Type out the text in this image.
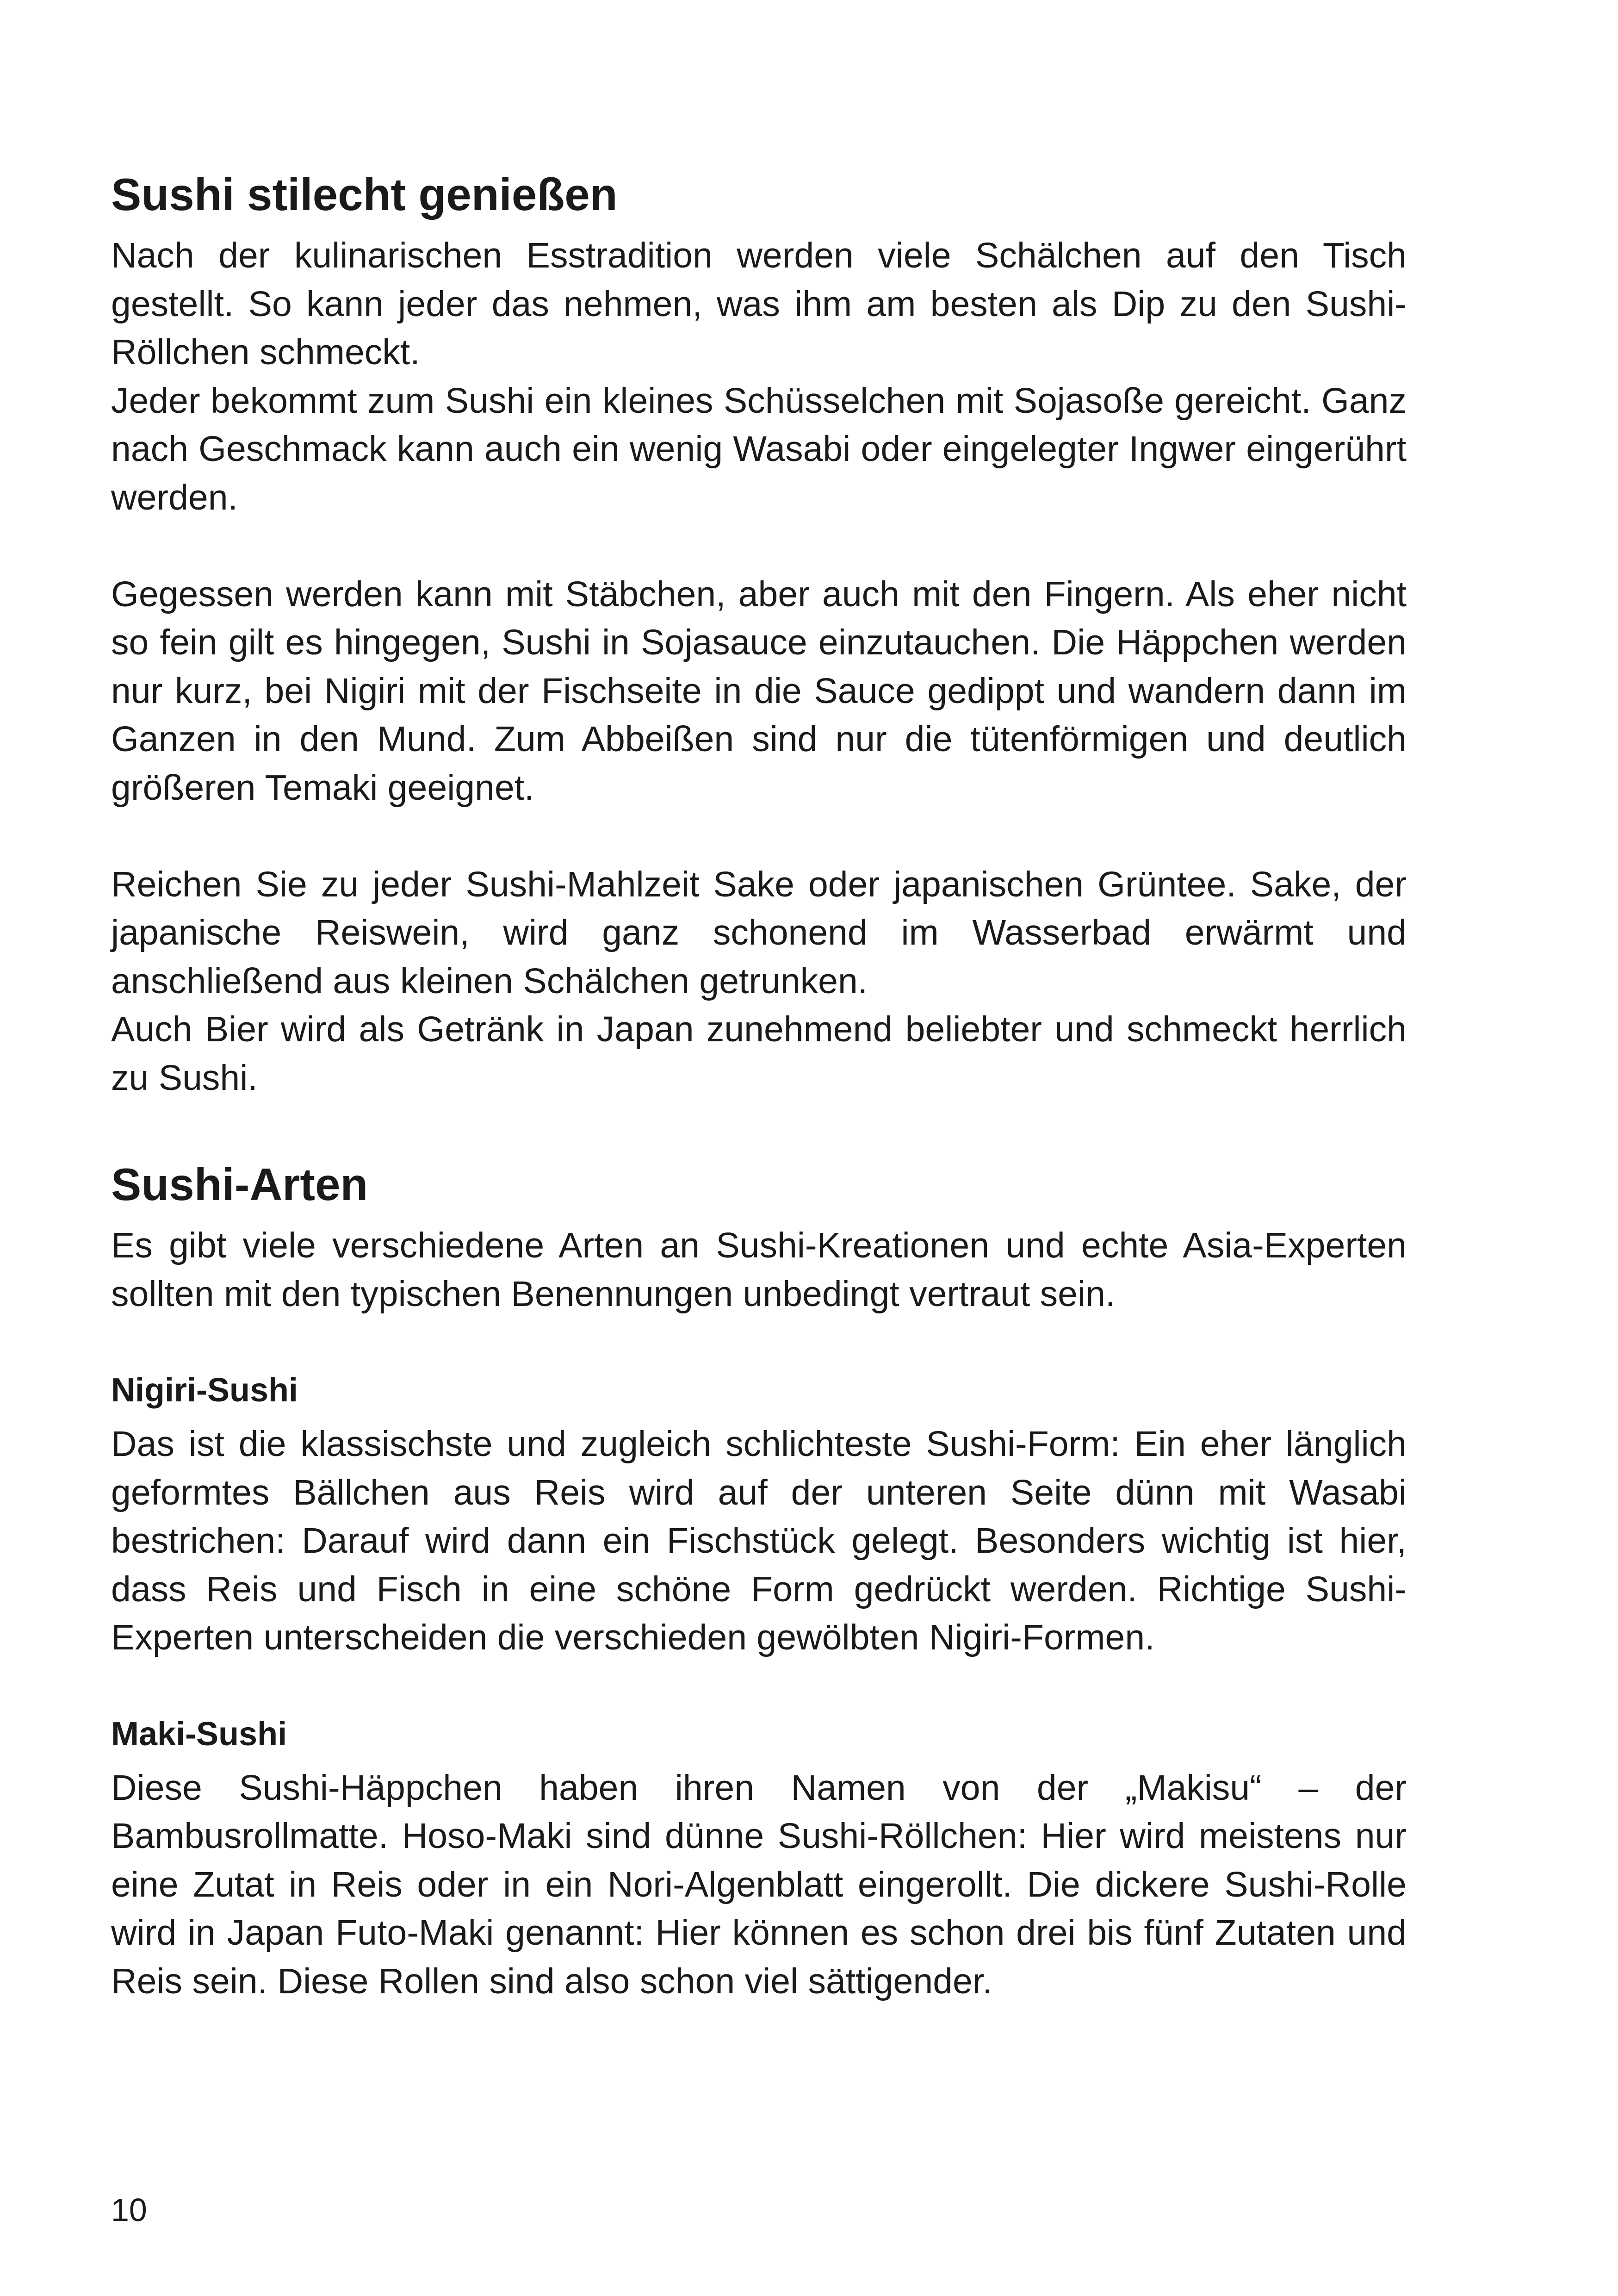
Sushi stilecht genießen

Nach der kulinarischen Esstradition werden viele Schälchen auf den Tisch gestellt. So kann jeder das nehmen, was ihm am besten als Dip zu den Sushi-Röllchen schmeckt.

Jeder bekommt zum Sushi ein kleines Schüsselchen mit Sojasoße gereicht. Ganz nach Geschmack kann auch ein wenig Wasabi oder eingelegter Ingwer eingerührt werden.

Gegessen werden kann mit Stäbchen, aber auch mit den Fingern. Als eher nicht so fein gilt es hingegen, Sushi in Sojasauce einzutauchen. Die Häppchen werden nur kurz, bei Nigiri mit der Fischseite in die Sauce gedippt und wandern dann im Ganzen in den Mund. Zum Abbeißen sind nur die tütenförmigen und deutlich größeren Temaki geeignet.

Reichen Sie zu jeder Sushi-Mahlzeit Sake oder japanischen Grüntee. Sake, der japanische Reiswein, wird ganz schonend im Wasserbad erwärmt und anschließend aus kleinen Schälchen getrunken.

Auch Bier wird als Getränk in Japan zunehmend beliebter und schmeckt herrlich zu Sushi.

Sushi-Arten

Es gibt viele verschiedene Arten an Sushi-Kreationen und echte Asia-Experten sollten mit den typischen Benennungen unbedingt vertraut sein.

Nigiri-Sushi

Das ist die klassischste und zugleich schlichteste Sushi-Form: Ein eher länglich geformtes Bällchen aus Reis wird auf der unteren Seite dünn mit Wasabi bestrichen: Darauf wird dann ein Fischstück gelegt. Besonders wichtig ist hier, dass Reis und Fisch in eine schöne Form gedrückt werden. Richtige Sushi-Experten unterscheiden die verschieden gewölbten Nigiri-Formen.

Maki-Sushi

Diese Sushi-Häppchen haben ihren Namen von der „Makisu“ – der Bambusrollmatte. Hoso-Maki sind dünne Sushi-Röllchen: Hier wird meistens nur eine Zutat in Reis oder in ein Nori-Algenblatt eingerollt. Die dickere Sushi-Rolle wird in Japan Futo-Maki genannt: Hier können es schon drei bis fünf Zutaten und Reis sein. Diese Rollen sind also schon viel sättigender.

10
